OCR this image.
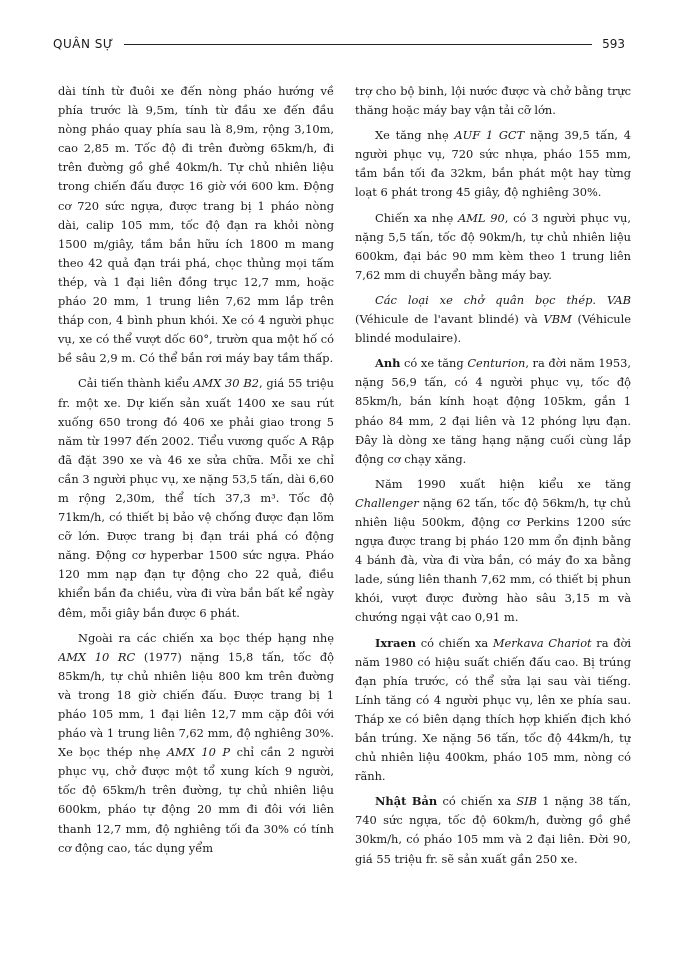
QUÂN SỰ	593

dài tính từ đuôi xe đến nòng pháo hướng về phía trước là 9,5m, tính từ đầu xe đến đầu nòng pháo quay phía sau là 8,9m, rộng 3,10m, cao 2,85 m. Tốc độ đi trên đường 65km/h, đi trên đường gồ ghề 40km/h. Tự chủ nhiên liệu trong chiến đấu được 16 giờ với 600 km. Động cơ 720 sức ngựa, được trang bị 1 pháo nòng dài, calip 105 mm, tốc độ đạn ra khỏi nòng 1500 m/giây, tầm bắn hữu ích 1800 m mang theo 42 quả đạn trái phá, chọc thủng mọi tấm thép, và 1 đại liên đồng trục 12,7 mm, hoặc pháo 20 mm, 1 trung liên 7,62 mm lắp trên tháp con, 4 bình phun khói. Xe có 4 người phục vụ, xe có thể vượt dốc 60°, trườn qua một hố có bề sâu 2,9 m. Có thể bắn rơi máy bay tầm thấp.

Cải tiến thành kiểu AMX 30 B2, giá 55 triệu fr. một xe. Dự kiến sản xuất 1400 xe sau rút xuống 650 trong đó 406 xe phải giao trong 5 năm từ 1997 đến 2002. Tiểu vương quốc A Rập đã đặt 390 xe và 46 xe sửa chữa. Mỗi xe chỉ cần 3 người phục vụ, xe nặng 53,5 tấn, dài 6,60 m rộng 2,30m, thể tích 37,3 m³. Tốc độ 71km/h, có thiết bị bảo vệ chống được đạn lõm cỡ lớn. Được trang bị đạn trái phá có động năng. Động cơ hyperbar 1500 sức ngựa. Pháo 120 mm nạp đạn tự động cho 22 quả, điều khiển bắn đa chiều, vừa đi vừa bắn bất kể ngày đêm, mỗi giây bắn được 6 phát.

Ngoài ra các chiến xa bọc thép hạng nhẹ AMX 10 RC (1977) nặng 15,8 tấn, tốc độ 85km/h, tự chủ nhiên liệu 800 km trên đường và trong 18 giờ chiến đấu. Được trang bị 1 pháo 105 mm, 1 đại liên 12,7 mm cặp đôi với pháo và 1 trung liên 7,62 mm, độ nghiêng 30%. Xe bọc thép nhẹ AMX 10 P chỉ cần 2 người phục vụ, chở được một tổ xung kích 9 người, tốc độ 65km/h trên đường, tự chủ nhiên liệu 600km, pháo tự động 20 mm đi đôi với liên thanh 12,7 mm, độ nghiêng tối đa 30% có tính cơ động cao, tác dụng yểm

trợ cho bộ binh, lội nước được và chở bằng trực thăng hoặc máy bay vận tải cỡ lớn.

Xe tăng nhẹ AUF 1 GCT nặng 39,5 tấn, 4 người phục vụ, 720 sức nhựa, pháo 155 mm, tầm bắn tối đa 32km, bắn phát một hay từng loạt 6 phát trong 45 giây, độ nghiêng 30%.

Chiến xa nhẹ AML 90, có 3 người phục vụ, nặng 5,5 tấn, tốc độ 90km/h, tự chủ nhiên liệu 600km, đại bác 90 mm kèm theo 1 trung liên 7,62 mm di chuyển bằng máy bay.

Các loại xe chở quân bọc thép. VAB (Véhicule de l'avant blindé) và VBM (Véhicule blindé modulaire).

Anh có xe tăng Centurion, ra đời năm 1953, nặng 56,9 tấn, có 4 người phục vụ, tốc độ 85km/h, bán kính hoạt động 105km, gắn 1 pháo 84 mm, 2 đại liên và 12 phóng lựu đạn. Đây là dòng xe tăng hạng nặng cuối cùng lắp động cơ chạy xăng.

Năm 1990 xuất hiện kiểu xe tăng Challenger nặng 62 tấn, tốc độ 56km/h, tự chủ nhiên liệu 500km, động cơ Perkins 1200 sức ngựa được trang bị pháo 120 mm ổn định bằng 4 bánh đà, vừa đi vừa bắn, có máy đo xa bằng lade, súng liên thanh 7,62 mm, có thiết bị phun khói, vượt được đường hào sâu 3,15 m và chướng ngại vật cao 0,91 m.

Ixraen có chiến xa Merkava Chariot ra đời năm 1980 có hiệu suất chiến đấu cao. Bị trúng đạn phía trước, có thể sửa lại sau vài tiếng. Lính tăng có 4 người phục vụ, lên xe phía sau. Tháp xe có biên dạng thích hợp khiến địch khó bắn trúng. Xe nặng 56 tấn, tốc độ 44km/h, tự chủ nhiên liệu 400km, pháo 105 mm, nòng có rãnh.

Nhật Bản có chiến xa SIB 1 nặng 38 tấn, 740 sức ngựa, tốc độ 60km/h, đường gồ ghề 30km/h, có pháo 105 mm và 2 đại liên. Đời 90, giá 55 triệu fr. sẽ sản xuất gần 250 xe.
